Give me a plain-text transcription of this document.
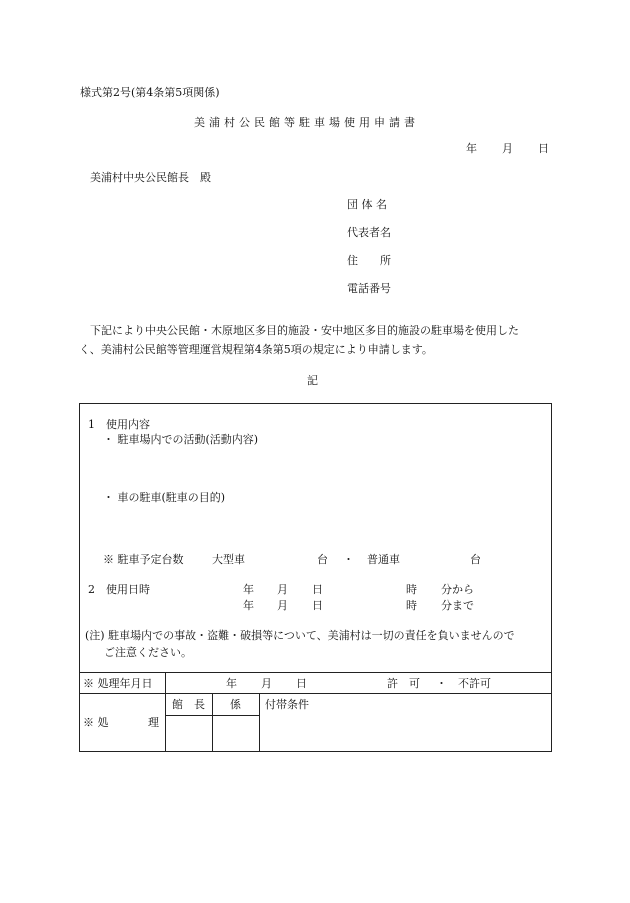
様式第2号(第4条第5項関係)
美浦村公民館等駐車場使用申請書
年 月 日
美浦村中央公民館長　殿
団 体 名
代表者名
住　　所
電話番号
下記により中央公民館・木原地区多目的施設・安中地区多目的施設の駐車場を使用した
く、美浦村公民館等管理運営規程第4条第5項の規定により申請します。
記
1　使用内容
・ 駐車場内での活動(活動内容)
・ 車の駐車(駐車の目的)
※ 駐車予定台数	大型車	台 ・ 普通車	台
2　使用日時	年 月 日	時 分から
年 月 日	時 分まで
(注) 駐車場内での事故・盗難・破損等について、美浦村は一切の責任を負いませんので
ご注意ください。
※ 処理年月日	年 月 日	許　可 ・ 不許可
※ 処	理
館　長 係 付帯条件
